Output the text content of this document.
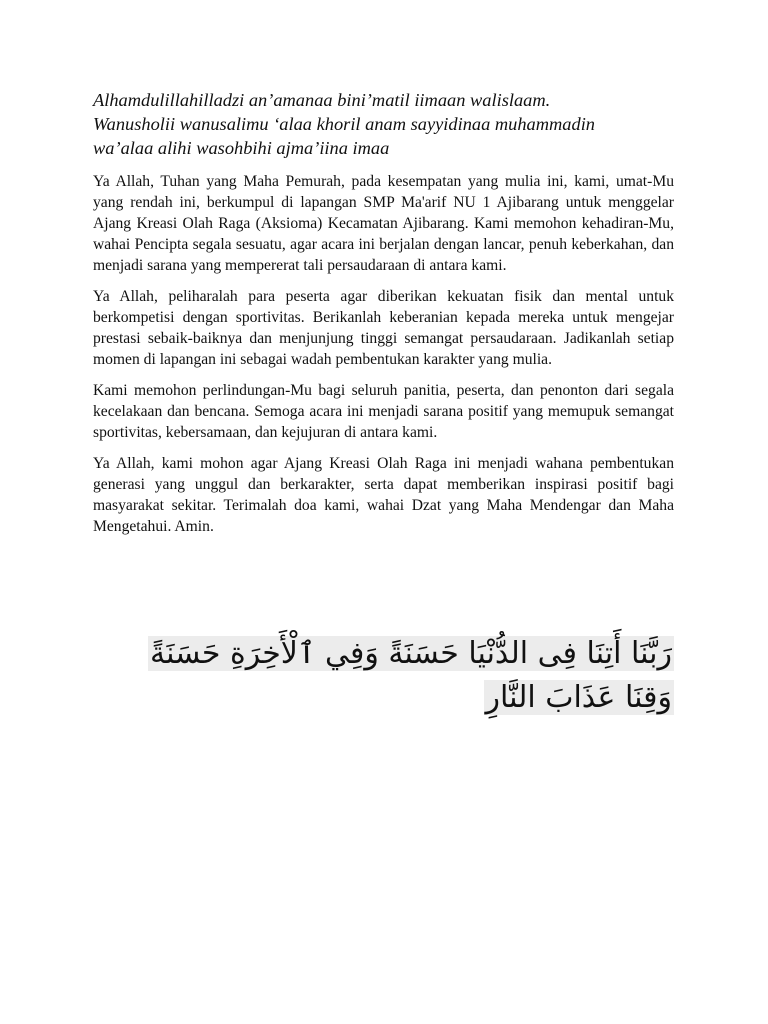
Alhamdulillahilladzi an’amanaa bini’matil iimaan walislaam.
Wanusholii wanusalimu ‘alaa khoril anam sayyidinaa muhammadin
wa’alaa alihi wasohbihi ajma’iina imaa

Ya Allah, Tuhan yang Maha Pemurah, pada kesempatan yang mulia ini, kami, umat-Mu yang rendah ini, berkumpul di lapangan SMP Ma'arif NU 1 Ajibarang untuk menggelar Ajang Kreasi Olah Raga (Aksioma) Kecamatan Ajibarang. Kami memohon kehadiran-Mu, wahai Pencipta segala sesuatu, agar acara ini berjalan dengan lancar, penuh keberkahan, dan menjadi sarana yang mempererat tali persaudaraan di antara kami.

Ya Allah, peliharalah para peserta agar diberikan kekuatan fisik dan mental untuk berkompetisi dengan sportivitas. Berikanlah keberanian kepada mereka untuk mengejar prestasi sebaik-baiknya dan menjunjung tinggi semangat persaudaraan. Jadikanlah setiap momen di lapangan ini sebagai wadah pembentukan karakter yang mulia.

Kami memohon perlindungan-Mu bagi seluruh panitia, peserta, dan penonton dari segala kecelakaan dan bencana. Semoga acara ini menjadi sarana positif yang memupuk semangat sportivitas, kebersamaan, dan kejujuran di antara kami.

Ya Allah, kami mohon agar Ajang Kreasi Olah Raga ini menjadi wahana pembentukan generasi yang unggul dan berkarakter, serta dapat memberikan inspirasi positif bagi masyarakat sekitar. Terimalah doa kami, wahai Dzat yang Maha Mendengar dan Maha Mengetahui. Amin.

رَبَّنَا أَتِنَا فِى الدُّنْيَا حَسَنَةً وَفِي ٱلْأَخِرَةِ حَسَنَةً
وَقِنَا عَذَابَ النَّارِ
